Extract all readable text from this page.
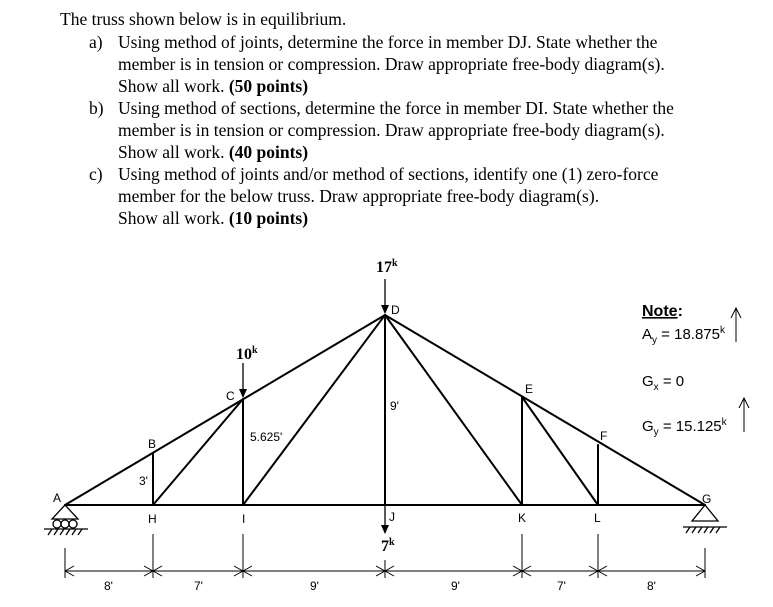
The truss shown below is in equilibrium.
a) Using method of joints, determine the force in member DJ. State whether the
member is in tension or compression. Draw appropriate free-body diagram(s).
Show all work. (50 points)
b) Using method of sections, determine the force in member DI. State whether the
member is in tension or compression. Draw appropriate free-body diagram(s).
Show all work. (40 points)
c) Using method of joints and/or method of sections, identify one (1) zero-force
member for the below truss. Draw appropriate free-body diagram(s).
Show all work. (10 points)
A
B
C
D
E
F
G
H	I	J	K	L
3'
5.625'
9'
17$^k$
10$^k$
7$^k$
8'	7'	9'	9'	7'	8'
Note:
$A_y = 18.875^k$
$G_x = 0$
$G_y = 15.125^k$
